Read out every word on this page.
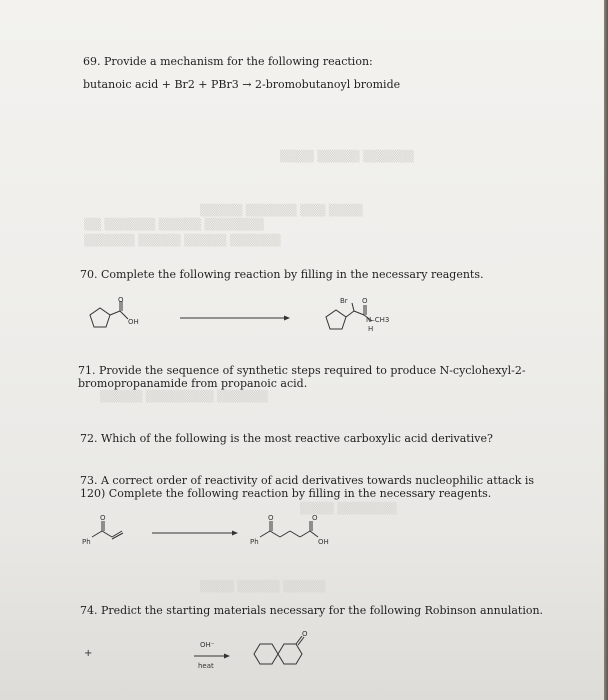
▒▒▒▒ ▒▒▒▒▒ ▒▒▒▒▒▒
▒▒▒▒▒ ▒▒▒▒▒▒ ▒▒▒ ▒▒▒▒
▒▒ ▒▒▒▒▒▒ ▒▒▒▒▒ ▒▒▒▒▒▒▒
▒▒▒▒▒▒ ▒▒▒▒▒ ▒▒▒▒▒ ▒▒▒▒▒▒
▒▒▒▒▒ ▒▒▒▒▒▒▒▒ ▒▒▒▒▒▒
▒▒▒▒ ▒▒▒▒▒▒▒
▒▒▒▒ ▒▒▒▒▒ ▒▒▒▒▒
69. Provide a mechanism for the following reaction:
butanoic acid + Br2 + PBr3 → 2-bromobutanoyl bromide
70. Complete the following reaction by filling in the necessary reagents.
O
OH
Br O
N–CH3
H
71. Provide the sequence of synthetic steps required to produce N-cyclohexyl-2-
bromopropanamide from propanoic acid.
72. Which of the following is the most reactive carboxylic acid derivative?
73. A correct order of reactivity of acid derivatives towards nucleophilic attack is
120) Complete the following reaction by filling in the necessary reagents.
O
Ph
O	O
Ph	OH
74. Predict the starting materials necessary for the following Robinson annulation.
+
OH⁻
heat
O
